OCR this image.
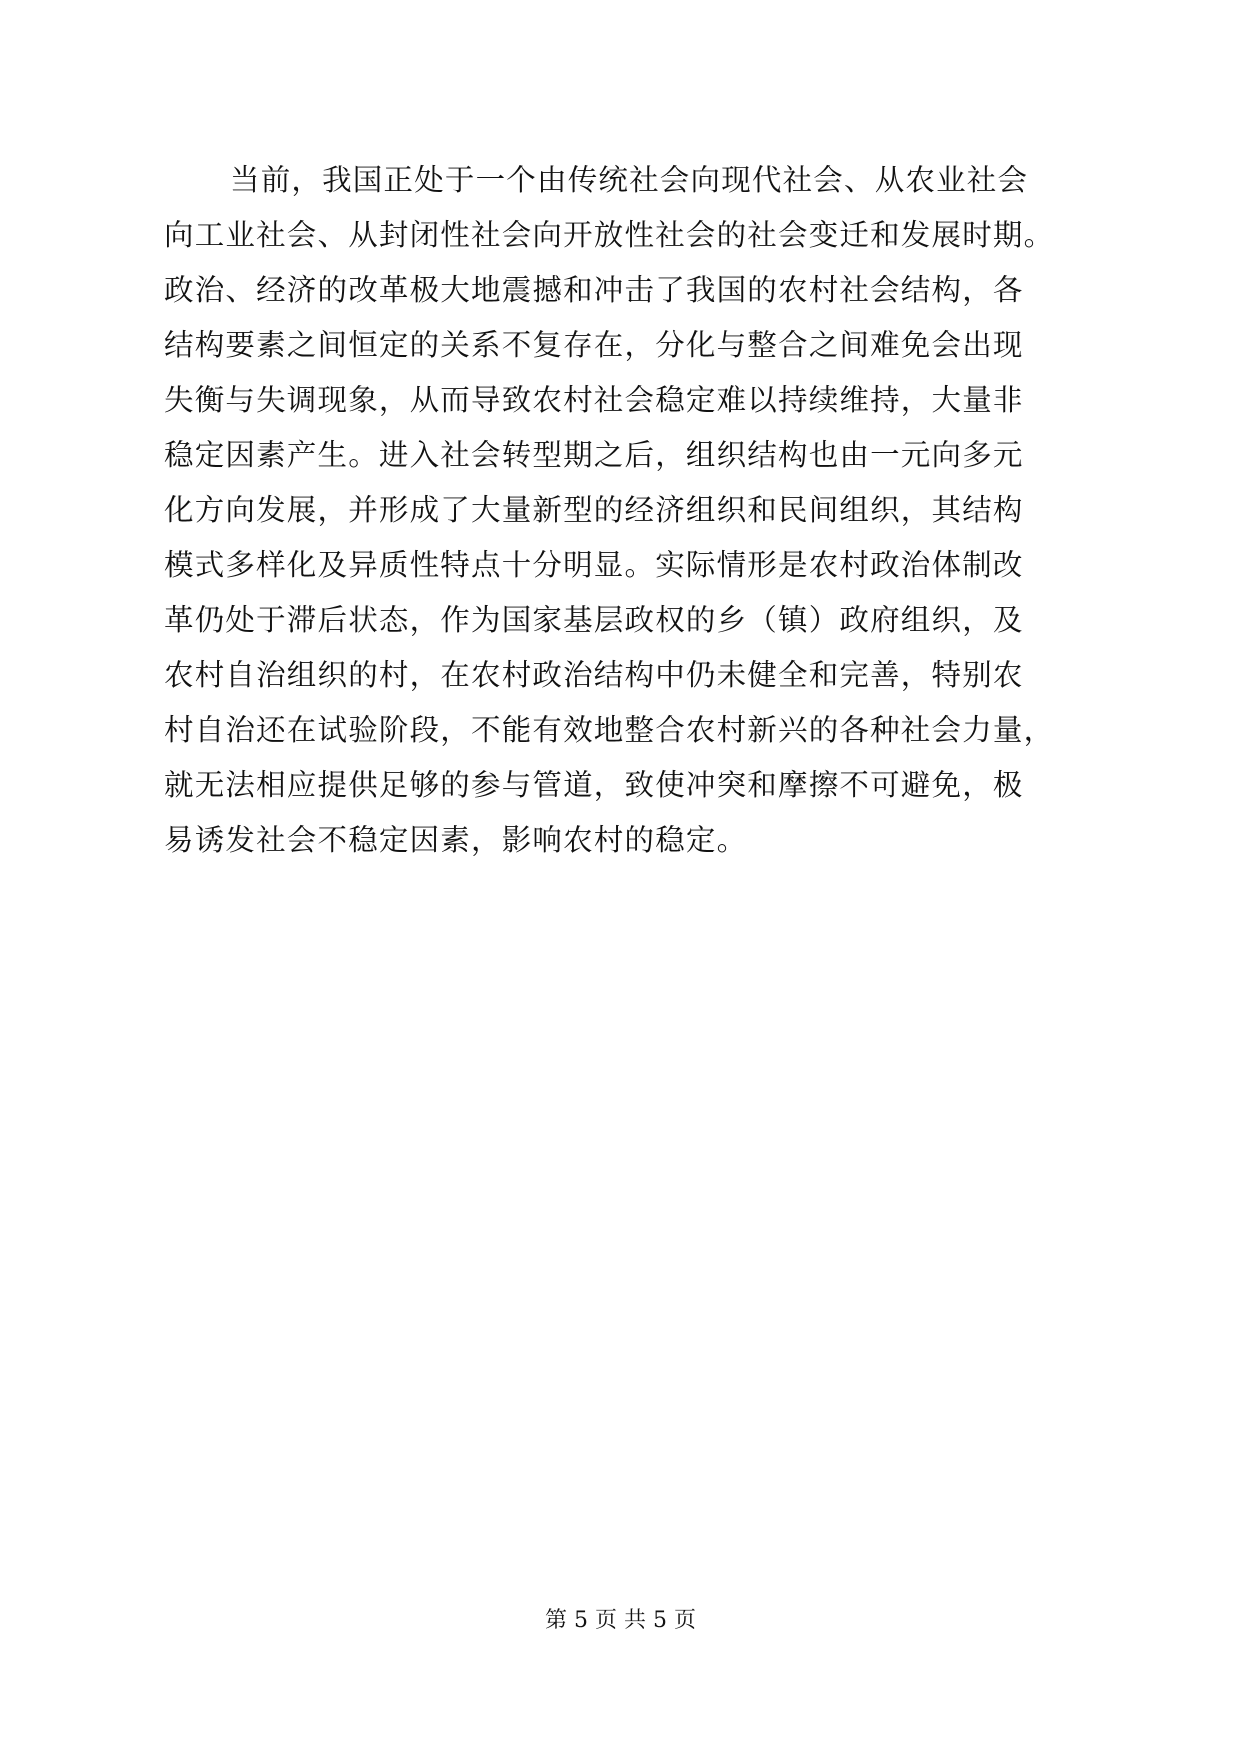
当前，我国正处于一个由传统社会向现代社会、从农业社会
向工业社会、从封闭性社会向开放性社会的社会变迁和发展时期。
政治、经济的改革极大地震撼和冲击了我国的农村社会结构，各
结构要素之间恒定的关系不复存在，分化与整合之间难免会出现
失衡与失调现象，从而导致农村社会稳定难以持续维持，大量非
稳定因素产生。进入社会转型期之后，组织结构也由一元向多元
化方向发展，并形成了大量新型的经济组织和民间组织，其结构
模式多样化及异质性特点十分明显。实际情形是农村政治体制改
革仍处于滞后状态，作为国家基层政权的乡（镇）政府组织，及
农村自治组织的村，在农村政治结构中仍未健全和完善，特别农
村自治还在试验阶段，不能有效地整合农村新兴的各种社会力量，
就无法相应提供足够的参与管道，致使冲突和摩擦不可避免，极
易诱发社会不稳定因素，影响农村的稳定。
第 5 页 共 5 页
